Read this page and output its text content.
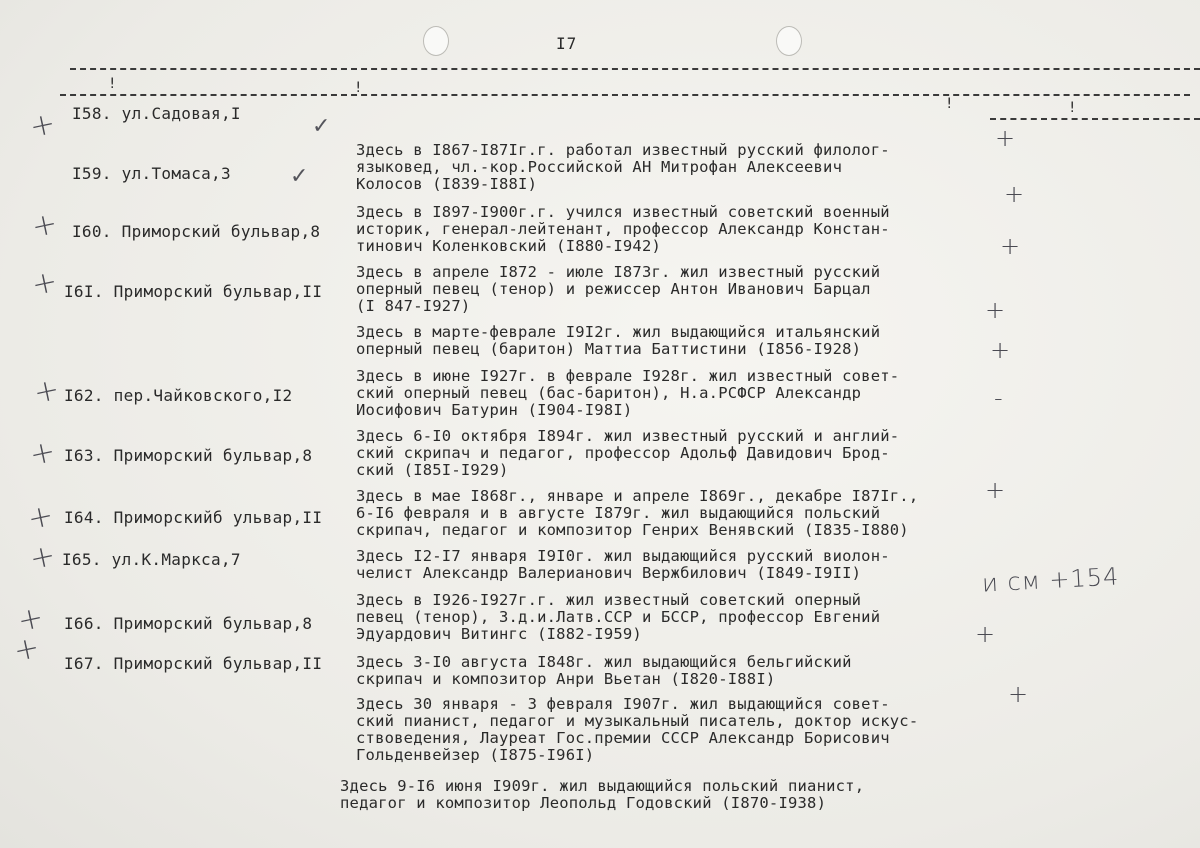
I7
!	!
!	!
I58. ул.Садовая,I

Здесь в I867-I87Iг.г. работал известный русский филолог-
языковед, чл.-кор.Российской АН Митрофан Алексеевич
Колосов (I839-I88I)

I59. ул.Томаса,3

Здесь в I897-I900г.г. учился известный советский военный
историк, генерал-лейтенант, профессор Александр Констан-
тинович Коленковский (I880-I942)

I60. Приморский бульвар,8

Здесь в апреле I872 - июле I873г. жил известный русский
оперный певец (тенор) и режиссер Антон Иванович Барцал
(I 847-I927)

I6I. Приморский бульвар,II

Здесь в марте-феврале I9I2г. жил выдающийся итальянский
оперный певец (баритон) Маттиа Баттистини (I856-I928)

Здесь в июне I927г. в феврале I928г. жил известный совет-
ский оперный певец (бас-баритон), Н.а.РСФСР Александр
Иосифович Батурин (I904-I98I)

I62. пер.Чайковского,I2

Здесь 6-I0 октября I894г. жил известный русский и англий-
ский скрипач и педагог, профессор Адольф Давидович Брод-
ский (I85I-I929)

I63. Приморский бульвар,8

Здесь в мае I868г., январе и апреле I869г., декабре I87Iг.,
6-I6 февраля и в августе I879г. жил выдающийся польский
скрипач, педагог и композитор Генрих Венявский (I835-I880)

I64. Приморскийб ульвар,II

Здесь I2-I7 января I9I0г. жил выдающийся русский виолон-
челист Александр Валерианович Вержбилович (I849-I9II)

I65. ул.К.Маркса,7

Здесь в I926-I927г.г. жил известный советский оперный
певец (тенор), З.д.и.Латв.ССР и БССР, профессор Евгений
Эдуардович Витингс (I882-I959)

I66. Приморский бульвар,8

Здесь 3-I0 августа I848г. жил выдающийся бельгийский
скрипач и композитор Анри Вьетан (I820-I88I)

I67. Приморский бульвар,II

Здесь 30 января - 3 февраля I907г. жил выдающийся совет-
ский пианист, педагог и музыкальный писатель, доктор искус-
ствоведения, Лауреат Гос.премии СССР Александр Борисович
Гольденвейзер (I875-I96I)

Здесь 9-I6 июня I909г. жил выдающийся польский пианист,
педагог и композитор Леопольд Годовский (I870-I938)

+
+
+
+
+
-
+
+
+
✓
✓
+
+
+
+
+
+
+
+
+
и см +154
